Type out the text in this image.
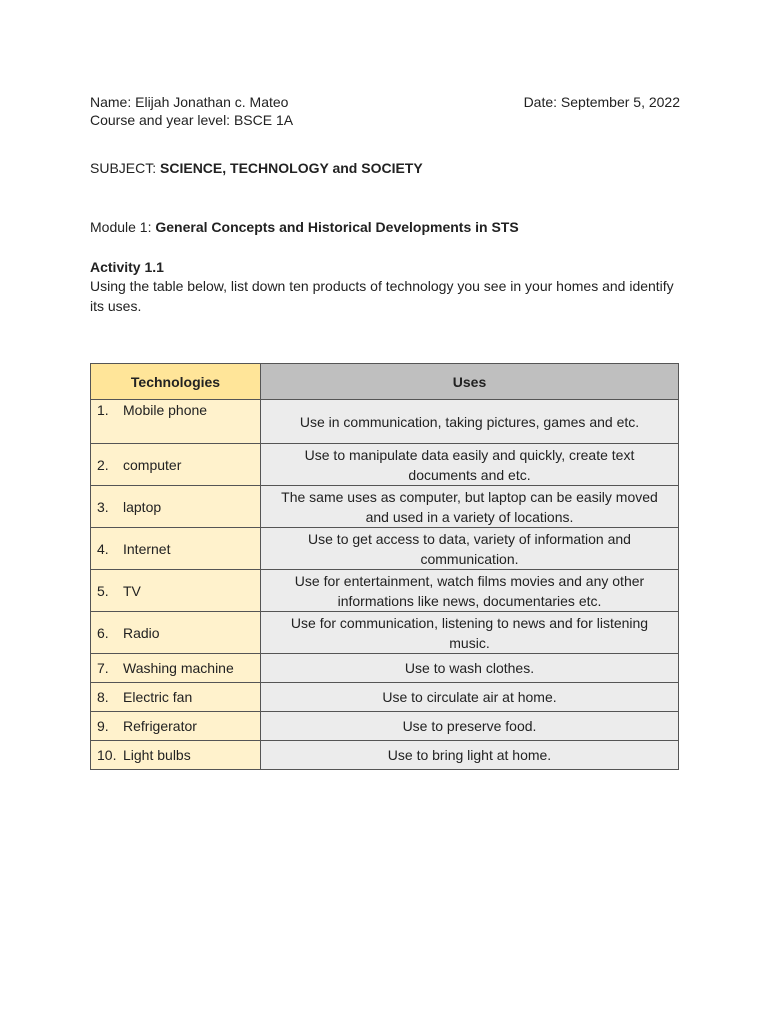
Name: Elijah Jonathan c. Mateo	Date: September 5, 2022
Course and year level: BSCE 1A
SUBJECT: SCIENCE, TECHNOLOGY and SOCIETY
Module 1: General Concepts and Historical Developments in STS
Activity 1.1
Using the table below, list down ten products of technology you see in your homes and identify its uses.
Technologies	Uses
1. Mobile phone	Use in communication, taking pictures, games and etc.
2. computer	Use to manipulate data easily and quickly, create text documents and etc.
3. laptop	The same uses as computer, but laptop can be easily moved and used in a variety of locations.
4. Internet	Use to get access to data, variety of information and communication.
5. TV	Use for entertainment, watch films movies and any other informations like news, documentaries etc.
6. Radio	Use for communication, listening to news and for listening music.
7. Washing machine	Use to wash clothes.
8. Electric fan	Use to circulate air at home.
9. Refrigerator	Use to preserve food.
10. Light bulbs	Use to bring light at home.
